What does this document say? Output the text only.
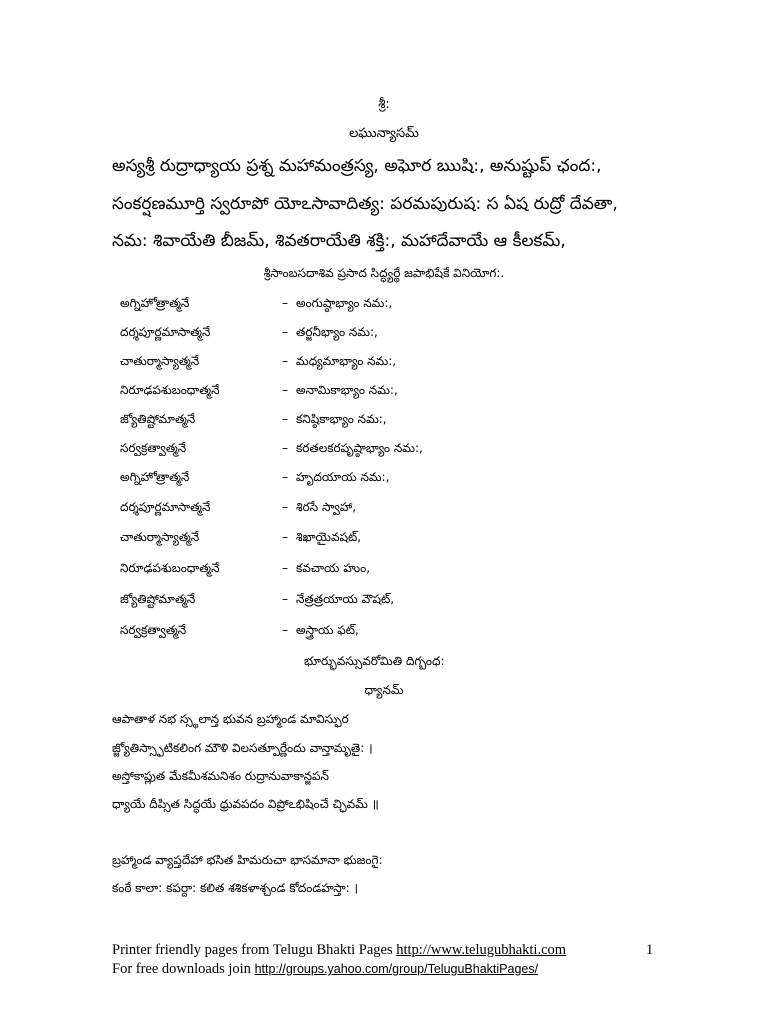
శ్రీ:
లఘున్యాసమ్
అస్యశ్రీ రుద్రాధ్యాయ ప్రశ్న మహామంత్రస్య, అఘోర ఋషి:, అనుష్టుప్ ఛంద:,
సంకర్షణమూర్తి స్వరూపో యోఽసావాదిత్య: పరమపురుష: స ఏష రుద్రో దేవతా,
నమ: శివాయేతి బీజమ్, శివతరాయేతి శక్తి:, మహాదేవాయే ఆ కీలకమ్,
శ్రీసాంబసదాశివ ప్రసాద సిద్ధ్యర్థే జపాభిషేకే వినియోగ:.
అగ్నిహోత్రాత్మనే	– అంగుష్ఠాభ్యాం నమ:,
దర్శపూర్ణమాసాత్మనే	– తర్జనీభ్యాం నమ:,
చాతుర్మాస్యాత్మనే	– మధ్యమాభ్యాం నమ:,
నిరూఢపశుబంధాత్మనే	– అనామికాభ్యాం నమ:,
జ్యోతిష్టోమాత్మనే	– కనిష్ఠికాభ్యాం నమ:,
సర్వక్రత్వాత్మనే	– కరతలకరపృష్ఠాభ్యాం నమ:,
అగ్నిహోత్రాత్మనే	– హృదయాయ నమ:,
దర్శపూర్ణమాసాత్మనే	– శిరసే స్వాహా,
చాతుర్మాస్యాత్మనే	– శిఖాయైవషట్,
నిరూఢపశుబంధాత్మనే	– కవచాయ హుం,
జ్యోతిష్టోమాత్మనే	– నేత్రత్రయాయ వౌషట్,
సర్వక్రత్వాత్మనే	– అస్త్రాయ ఫట్,
భూర్భువస్సువరోమితి దిగ్బంధ:
ధ్యానమ్
ఆపాతాళ నభ స్స్థలాన్త భువన బ్రహ్మాండ మావిస్ఫుర
జ్జ్యోతిస్స్ఫాటికలింగ మౌళి విలసత్పూర్ణేందు వాన్తామృతై: ।
అస్తోకాప్లుత మేకమీశమనిశం రుద్రానువాకాన్జపన్
ధ్యాయే దీప్సిత సిద్ధయే ధ్రువపదం విప్రోఽభిషించే చ్ఛివమ్ ॥
బ్రహ్మాండ వ్యాప్తదేహా భసిత హిమరుచా భాసమానా భుజంగై:
కంఠే కాలా: కపర్దా: కలిత శశికళాశ్చండ కోదండహస్తా: ।
Printer friendly pages from Telugu Bhakti Pages http://www.telugubhakti.com
For free downloads join http://groups.yahoo.com/group/TeluguBhaktiPages/
1
